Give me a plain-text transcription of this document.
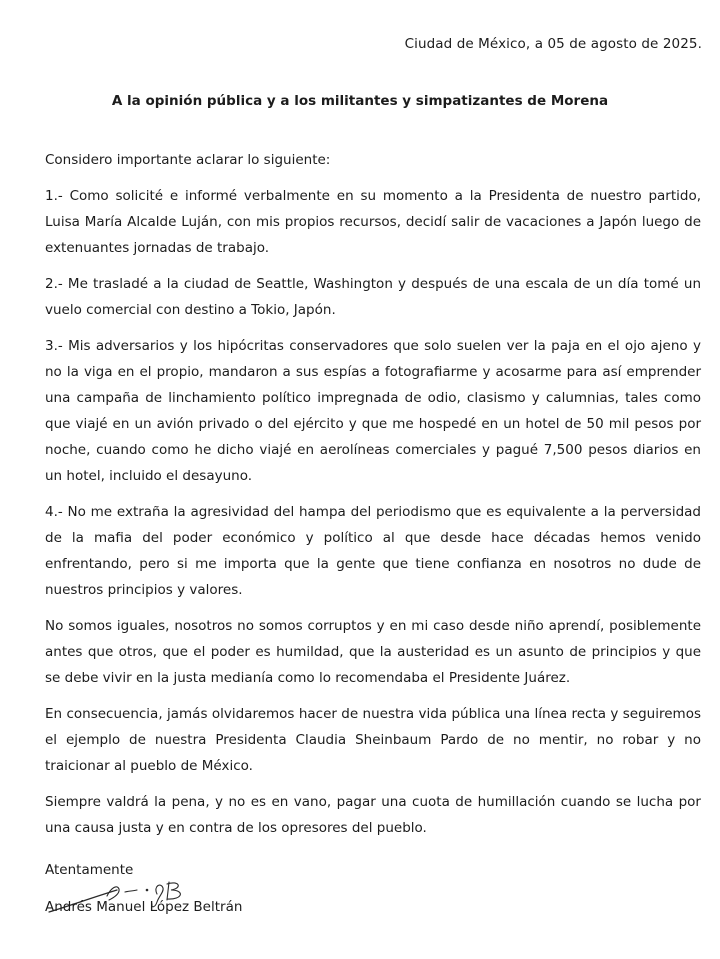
Ciudad de México, a 05 de agosto de 2025.
A la opinión pública y a los militantes y simpatizantes de Morena

Considero importante aclarar lo siguiente:

1.- Como solicité e informé verbalmente en su momento a la Presidenta de nuestro partido, Luisa María Alcalde Luján, con mis propios recursos, decidí salir de vacaciones a Japón luego de extenuantes jornadas de trabajo.

2.- Me trasladé a la ciudad de Seattle, Washington y después de una escala de un día tomé un vuelo comercial con destino a Tokio, Japón.

3.- Mis adversarios y los hipócritas conservadores que solo suelen ver la paja en el ojo ajeno y no la viga en el propio, mandaron a sus espías a fotografiarme y acosarme para así emprender una campaña de linchamiento político impregnada de odio, clasismo y calumnias, tales como que viajé en un avión privado o del ejército y que me hospedé en un hotel de 50 mil pesos por noche, cuando como he dicho viajé en aerolíneas comerciales y pagué 7,500 pesos diarios en un hotel, incluido el desayuno.

4.- No me extraña la agresividad del hampa del periodismo que es equivalente a la perversidad de la mafia del poder económico y político al que desde hace décadas hemos venido enfrentando, pero si me importa que la gente que tiene confianza en nosotros no dude de nuestros principios y valores.

No somos iguales, nosotros no somos corruptos y en mi caso desde niño aprendí, posiblemente antes que otros, que el poder es humildad, que la austeridad es un asunto de principios y que se debe vivir en la justa medianía como lo recomendaba el Presidente Juárez.

En consecuencia, jamás olvidaremos hacer de nuestra vida pública una línea recta y seguiremos el ejemplo de nuestra Presidenta Claudia Sheinbaum Pardo de no mentir, no robar y no traicionar al pueblo de México.

Siempre valdrá la pena, y no es en vano, pagar una cuota de humillación cuando se lucha por una causa justa y en contra de los opresores del pueblo.

Atentamente
Andrés Manuel López Beltrán
